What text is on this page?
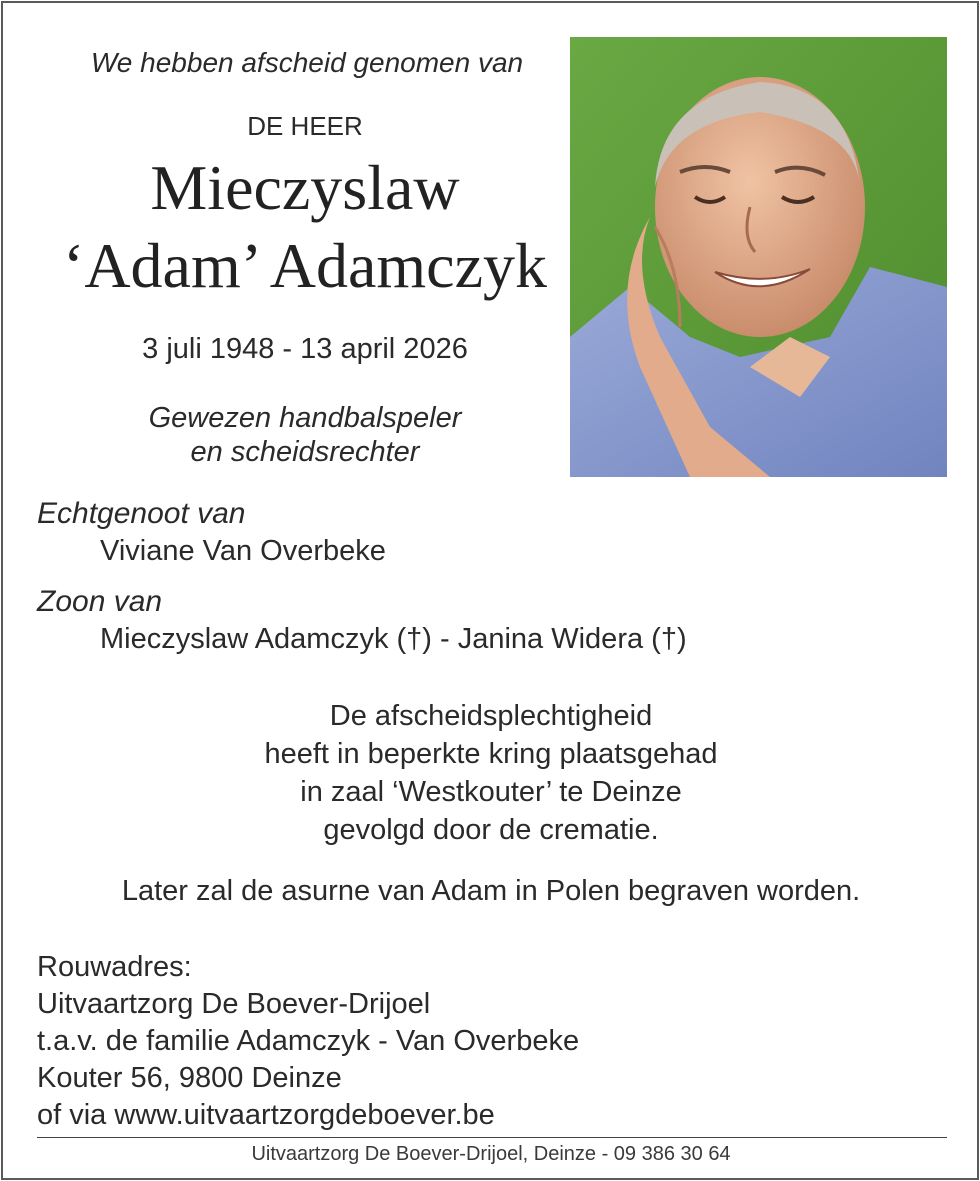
We hebben afscheid genomen van
DE HEER
Mieczyslaw
‘Adam’ Adamczyk
3 juli 1948 - 13 april 2026
Gewezen handbalspeler
en scheidsrechter
Echtgenoot van
Viviane Van Overbeke
Zoon van
Mieczyslaw Adamczyk (†) - Janina Widera (†)
De afscheidsplechtigheid
heeft in beperkte kring plaatsgehad
in zaal ‘Westkouter’ te Deinze
gevolgd door de crematie.
Later zal de asurne van Adam in Polen begraven worden.
Rouwadres:
Uitvaartzorg De Boever-Drijoel
t.a.v. de familie Adamczyk - Van Overbeke
Kouter 56, 9800 Deinze
of via www.uitvaartzorgdeboever.be
Uitvaartzorg De Boever-Drijoel, Deinze - 09 386 30 64
